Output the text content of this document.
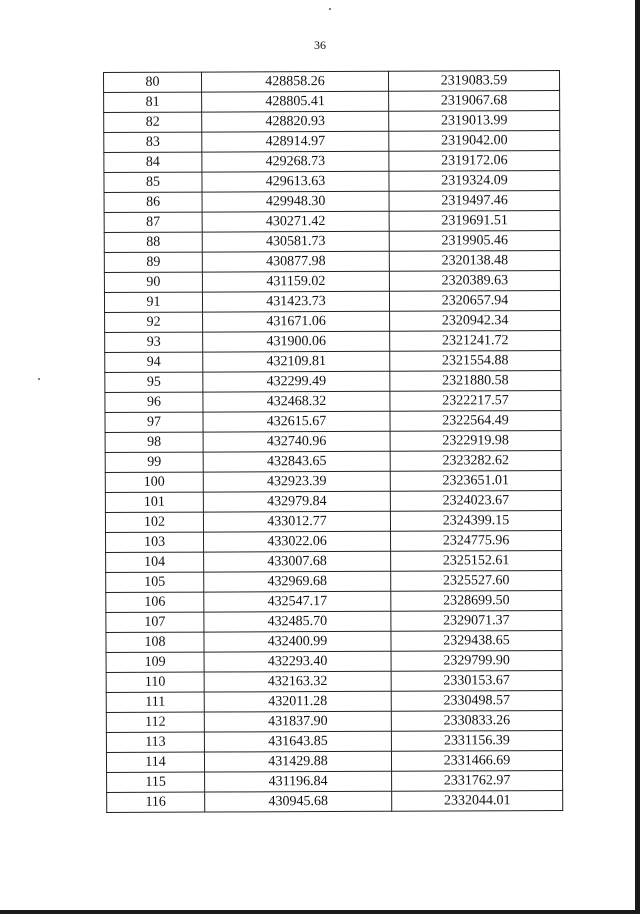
36
80	428858.26	2319083.59
81	428805.41	2319067.68
82	428820.93	2319013.99
83	428914.97	2319042.00
84	429268.73	2319172.06
85	429613.63	2319324.09
86	429948.30	2319497.46
87	430271.42	2319691.51
88	430581.73	2319905.46
89	430877.98	2320138.48
90	431159.02	2320389.63
91	431423.73	2320657.94
92	431671.06	2320942.34
93	431900.06	2321241.72
94	432109.81	2321554.88
95	432299.49	2321880.58
96	432468.32	2322217.57
97	432615.67	2322564.49
98	432740.96	2322919.98
99	432843.65	2323282.62
100	432923.39	2323651.01
101	432979.84	2324023.67
102	433012.77	2324399.15
103	433022.06	2324775.96
104	433007.68	2325152.61
105	432969.68	2325527.60
106	432547.17	2328699.50
107	432485.70	2329071.37
108	432400.99	2329438.65
109	432293.40	2329799.90
110	432163.32	2330153.67
111	432011.28	2330498.57
112	431837.90	2330833.26
113	431643.85	2331156.39
114	431429.88	2331466.69
115	431196.84	2331762.97
116	430945.68	2332044.01
